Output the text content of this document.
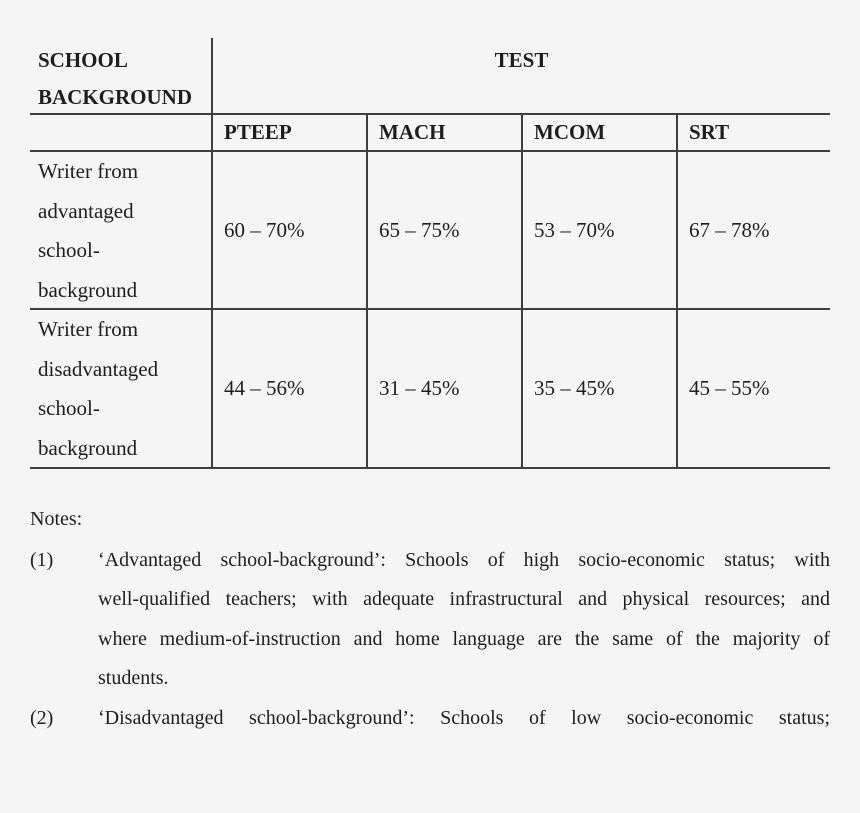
SCHOOL BACKGROUND
TEST
PTEEP	MACH	MCOM	SRT
Writer from advantaged school-background
60 – 70%	65 – 75%	53 – 70%	67 – 78%
Writer from disadvantaged school-background
44 – 56%	31 – 45%	35 – 45%	45 – 55%
Notes:
(1)	‘Advantaged school-background’: Schools of high socio-economic status; with
well-qualified teachers; with adequate infrastructural and physical resources; and
where medium-of-instruction and home language are the same of the majority of
students.
(2)	‘Disadvantaged school-background’: Schools of low socio-economic status;
